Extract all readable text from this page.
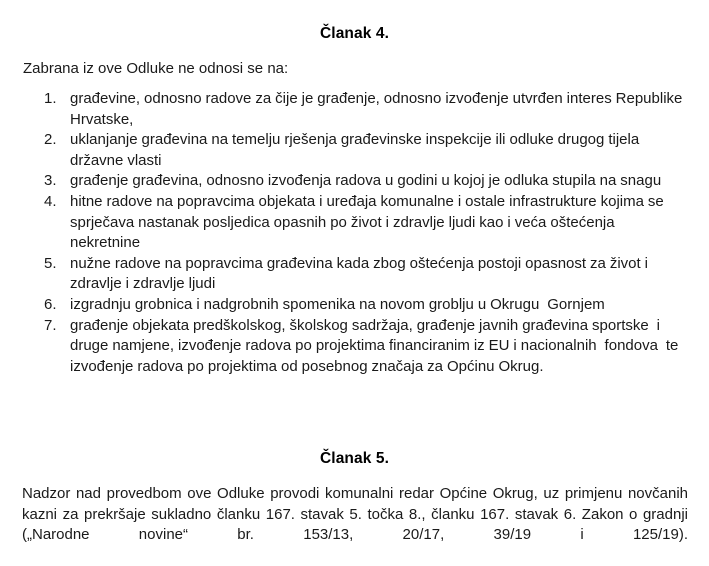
Članak 4.
Zabrana iz ove Odluke ne odnosi se na:
1. građevine, odnosno radove za čije je građenje, odnosno izvođenje utvrđen interes Republike Hrvatske,
2. uklanjanje građevina na temelju rješenja građevinske inspekcije ili odluke drugog tijela državne vlasti
3. građenje građevina, odnosno izvođenja radova u godini u kojoj je odluka stupila na snagu
4. hitne radove na popravcima objekata i uređaja komunalne i ostale infrastrukture kojima se sprječava nastanak posljedica opasnih po život i zdravlje ljudi kao i veća oštećenja nekretnine
5. nužne radove na popravcima građevina kada zbog oštećenja postoji opasnost za život i zdravlje i zdravlje ljudi
6. izgradnju grobnica i nadgrobnih spomenika na novom groblju u Okrugu  Gornjem
7. građenje objekata predškolskog, školskog sadržaja, građenje javnih građevina sportske  i druge namjene, izvođenje radova po projektima financiranim iz EU i nacionalnih  fondova  te izvođenje radova po projektima od posebnog značaja za Općinu Okrug.
Članak 5.

Nadzor nad provedbom ove Odluke provodi komunalni redar Općine Okrug, uz primjenu novčanih kazni za prekršaje sukladno članku 167. stavak 5. točka 8., članku 167. stavak 6. Zakon o gradnji („Narodne novine“ br. 153/13, 20/17, 39/19 i 125/19).
